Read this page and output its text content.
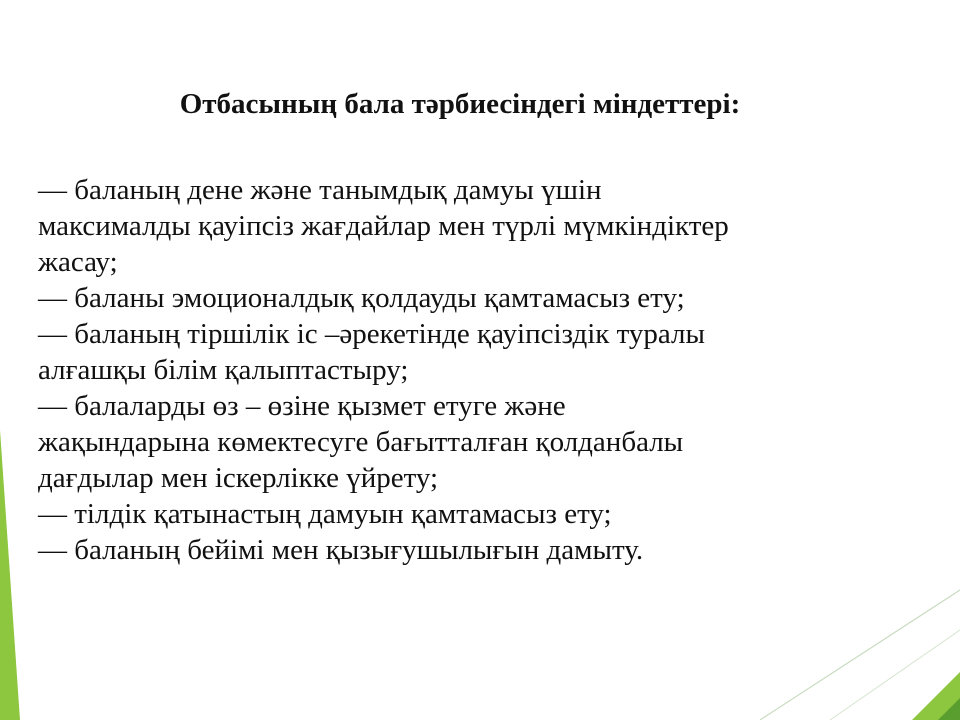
Отбасының бала тәрбиесіндегі міндеттері:
— баланың дене және танымдық дамуы үшін
максималды қауіпсіз жағдайлар мен түрлі мүмкіндіктер
жасау;
— баланы эмоционалдық қолдауды қамтамасыз ету;
— баланың тіршілік іс –әрекетінде қауіпсіздік туралы
алғашқы білім қалыптастыру;
— балаларды өз – өзіне қызмет етуге және
жақындарына көмектесуге бағытталған қолданбалы
дағдылар мен іскерлікке үйрету;
— тілдік қатынастың дамуын қамтамасыз ету;
— баланың бейімі мен қызығушылығын дамыту.
